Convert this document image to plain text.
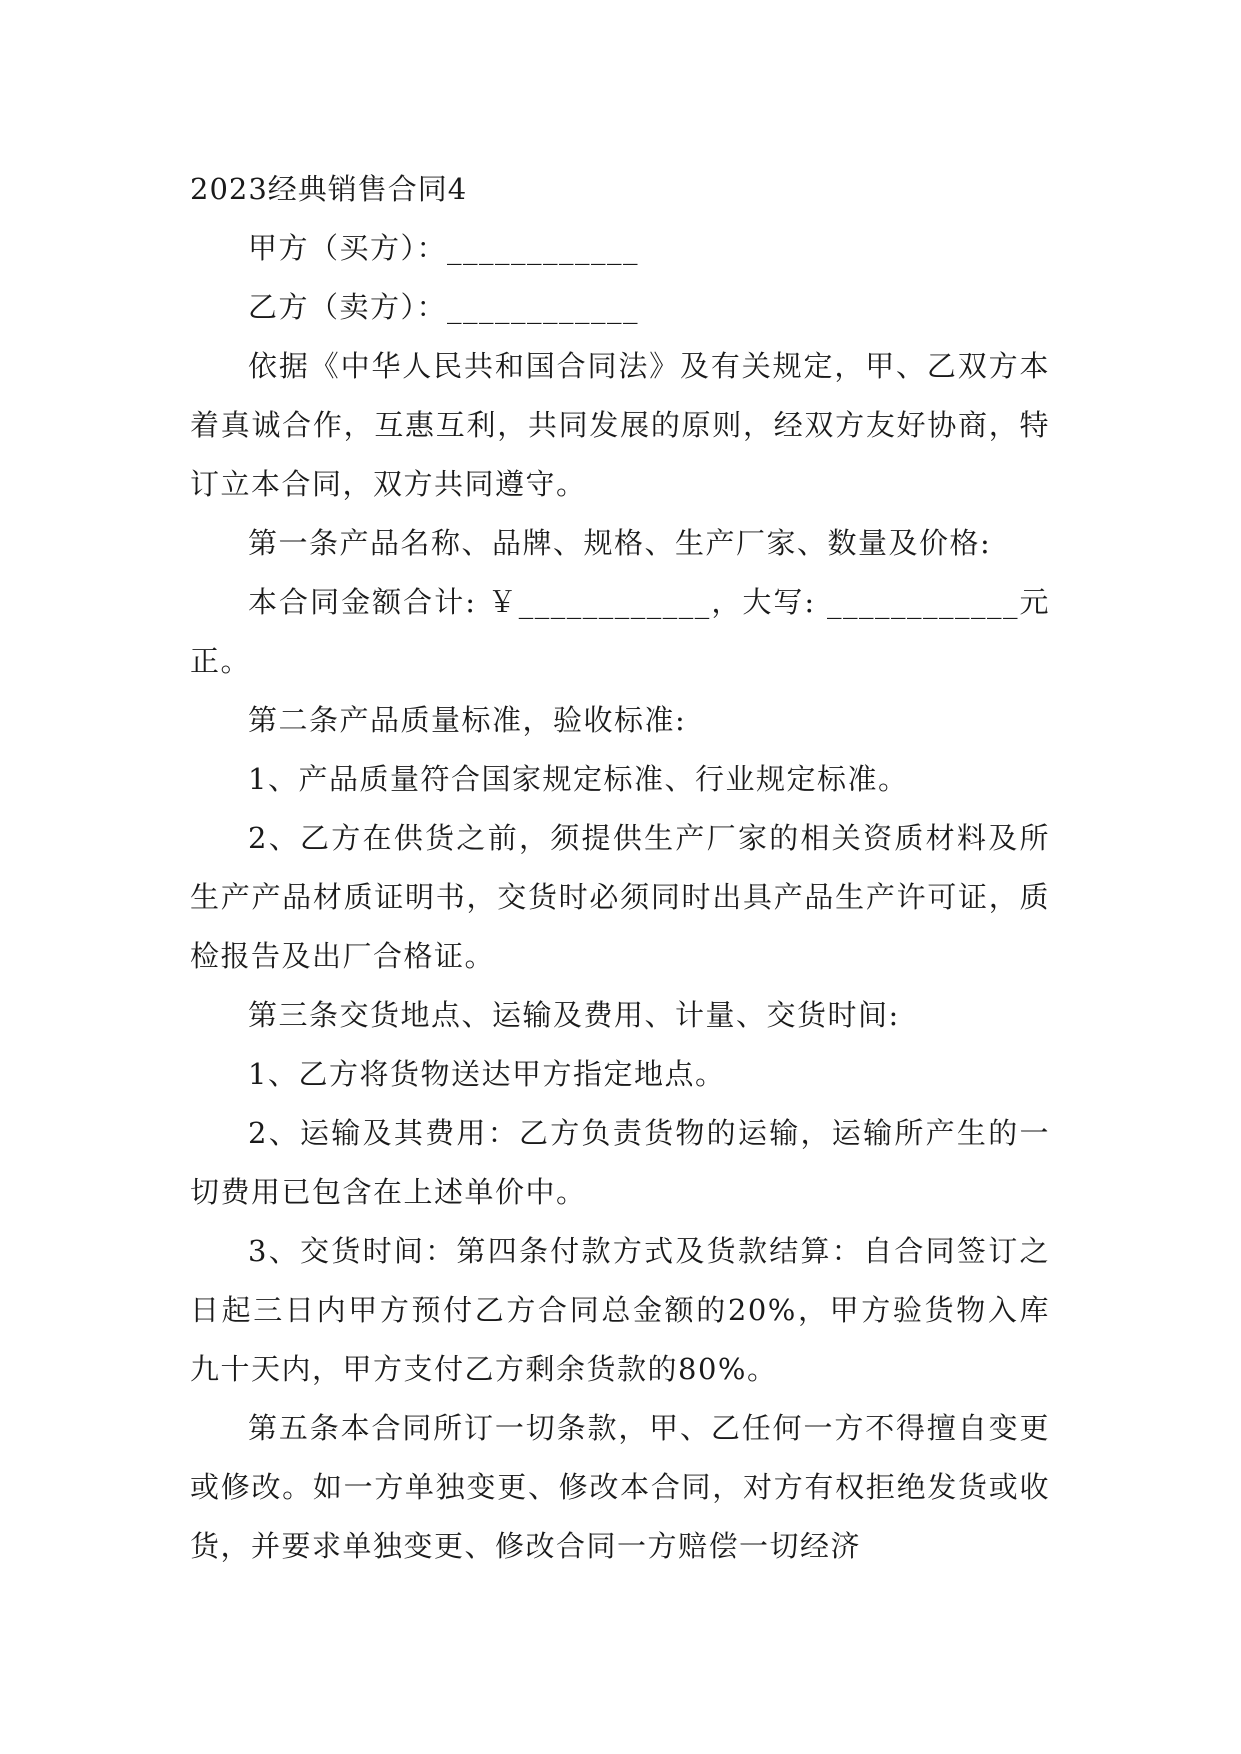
2023经典销售合同4

甲方（买方）：____________

乙方（卖方）：____________

依据《中华人民共和国合同法》及有关规定，甲、乙双方本着真诚合作，互惠互利，共同发展的原则，经双方友好协商，特订立本合同，双方共同遵守。

第一条产品名称、品牌、规格、生产厂家、数量及价格:

本合同金额合计: ￥____________，大写: ____________元正。

第二条产品质量标准，验收标准:

1、产品质量符合国家规定标准、行业规定标准。

2、乙方在供货之前，须提供生产厂家的相关资质材料及所生产产品材质证明书，交货时必须同时出具产品生产许可证，质检报告及出厂合格证。

第三条交货地点、运输及费用、计量、交货时间:

1、乙方将货物送达甲方指定地点。

2、运输及其费用：乙方负责货物的运输，运输所产生的一切费用已包含在上述单价中。

3、交货时间：第四条付款方式及货款结算：自合同签订之日起三日内甲方预付乙方合同总金额的20%，甲方验货物入库九十天内，甲方支付乙方剩余货款的80%。

第五条本合同所订一切条款，甲、乙任何一方不得擅自变更或修改。如一方单独变更、修改本合同，对方有权拒绝发货或收货，并要求单独变更、修改合同一方赔偿一切经济
